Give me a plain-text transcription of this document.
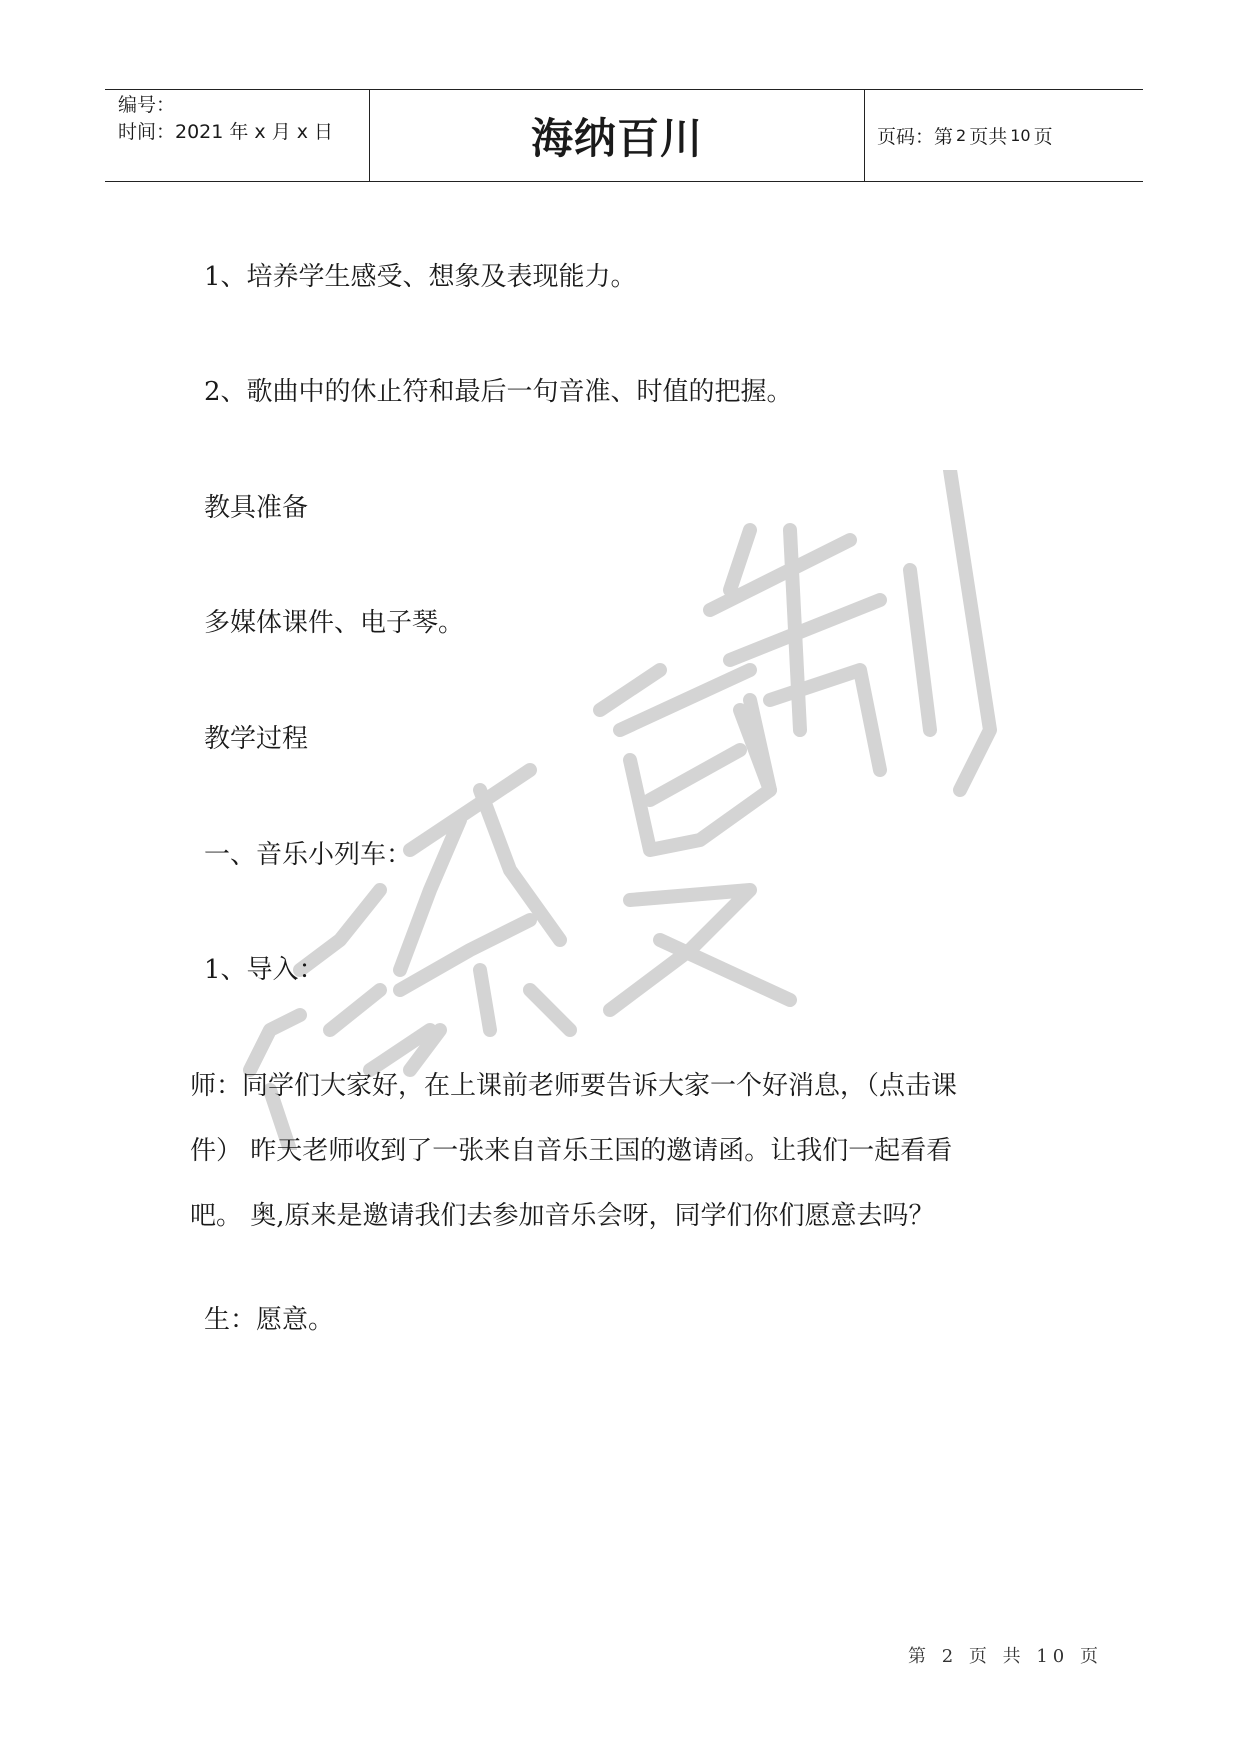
编号：
时间：2021 年 x 月 x 日	海纳百川	页码：第 2 页共 10 页
1、培养学生感受、想象及表现能力。
2、歌曲中的休止符和最后一句音准、时值的把握。
教具准备
多媒体课件、电子琴。
教学过程
一、音乐小列车：
1、导入：
师：同学们大家好，在上课前老师要告诉大家一个好消息，（点击课
件） 昨天老师收到了一张来自音乐王国的邀请函。让我们一起看看
吧。 奥,原来是邀请我们去参加音乐会呀，同学们你们愿意去吗？
生：愿意。
第 2 页 共 10 页
